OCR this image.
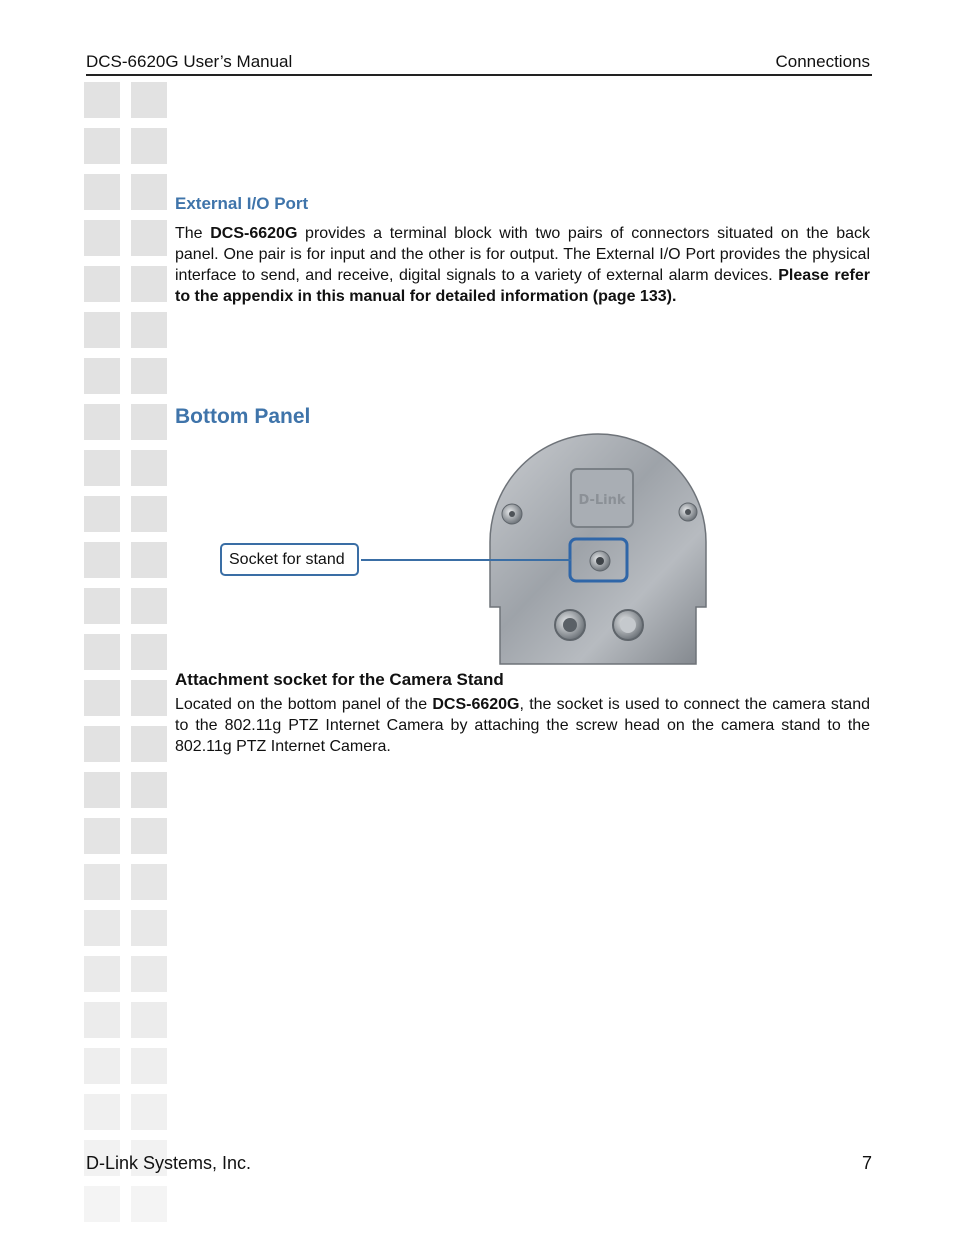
DCS-6620G User’s Manual	Connections
External I/O Port

The DCS-6620G provides a terminal block with two pairs of connectors situated on the back panel. One pair is for input and the other is for output. The External I/O Port provides the physical interface to send, and receive, digital signals to a variety of external alarm devices. Please refer to the appendix in this manual for detailed information (page 133).

Bottom Panel
D-Link
Socket for stand
Attachment socket for the Camera Stand

Located on the bottom panel of the DCS-6620G, the socket is used to connect the camera stand to the 802.11g PTZ Internet Camera by attaching the screw head on the camera stand to the 802.11g PTZ Internet Camera.

D-Link Systems, Inc.	7
